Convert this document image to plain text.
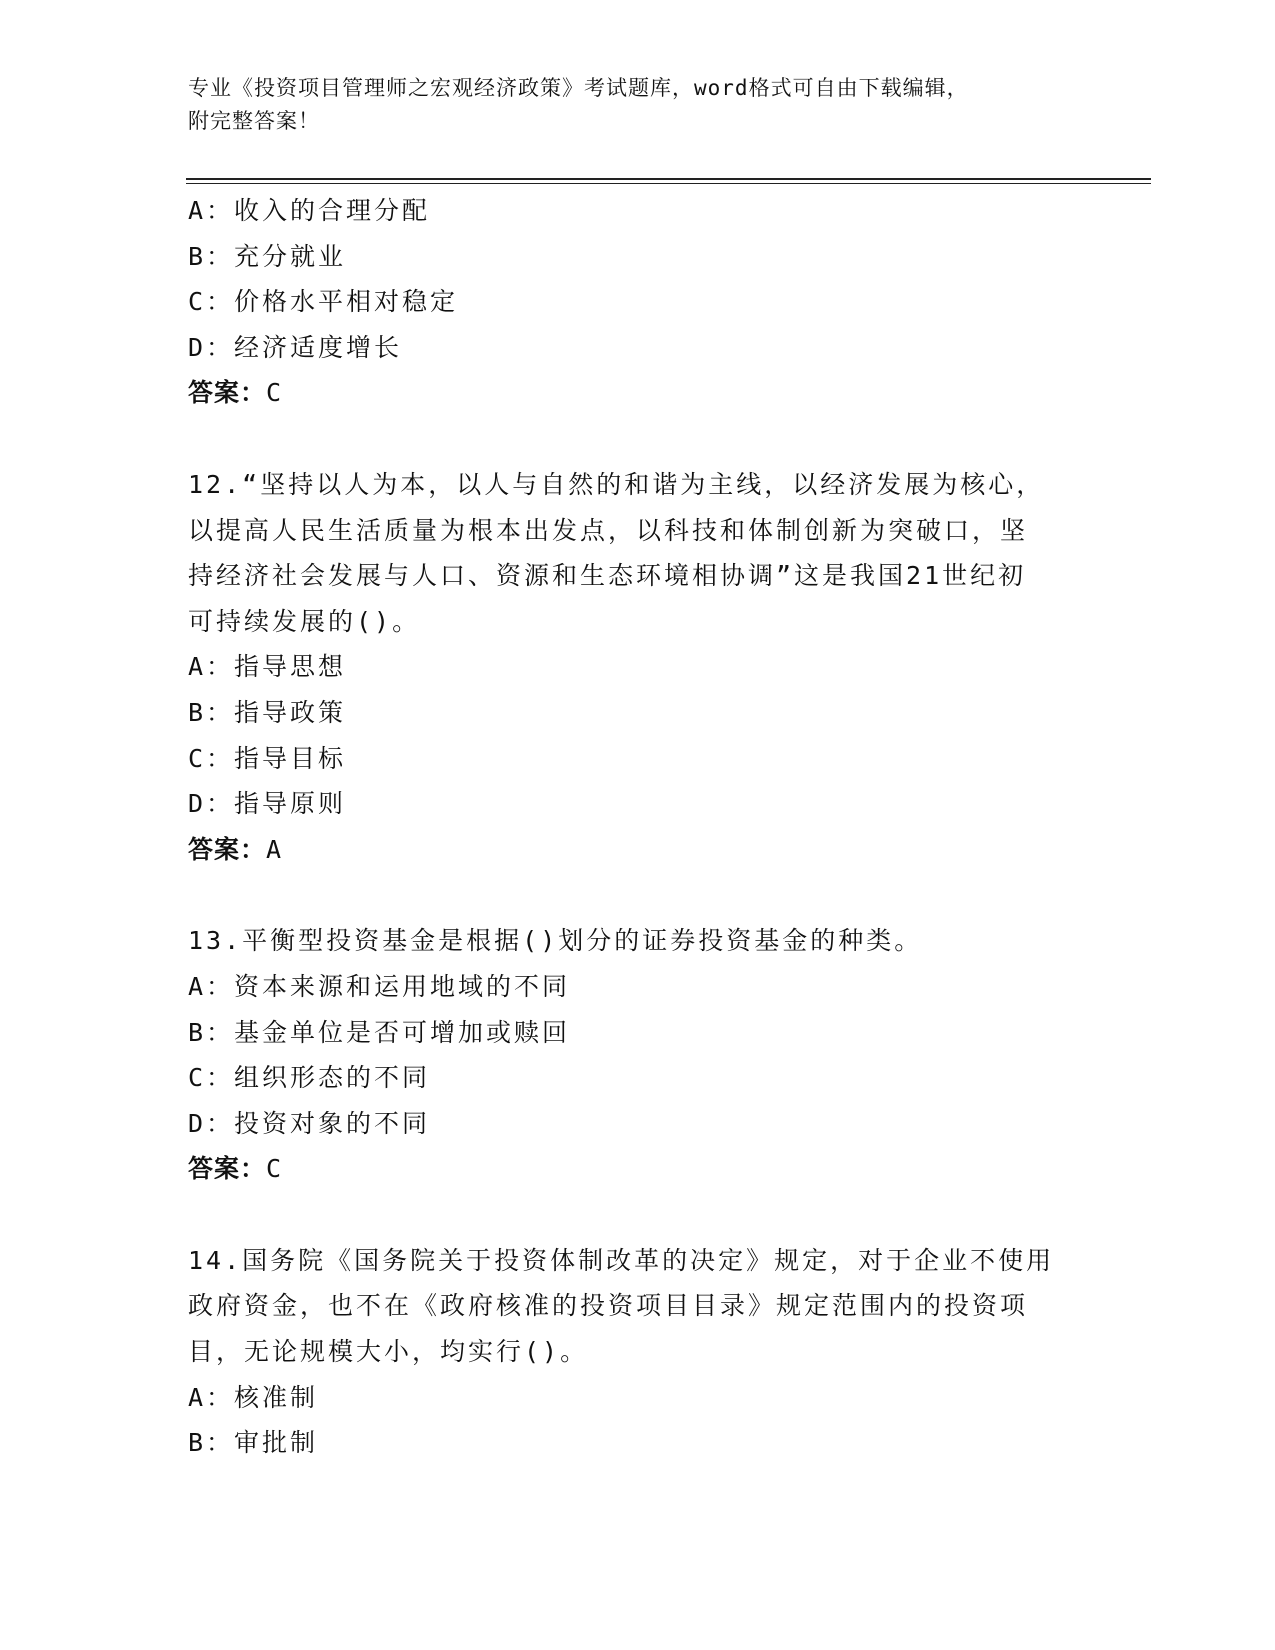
专业《投资项目管理师之宏观经济政策》考试题库，word格式可自由下载编辑，
附完整答案！
A：收入的合理分配
B：充分就业
C：价格水平相对稳定
D：经济适度增长
答案：C
12.“坚持以人为本，以人与自然的和谐为主线，以经济发展为核心，
以提高人民生活质量为根本出发点，以科技和体制创新为突破口，坚
持经济社会发展与人口、资源和生态环境相协调”这是我国21世纪初
可持续发展的()。
A：指导思想
B：指导政策
C：指导目标
D：指导原则
答案：A
13.平衡型投资基金是根据()划分的证券投资基金的种类。
A：资本来源和运用地域的不同
B：基金单位是否可增加或赎回
C：组织形态的不同
D：投资对象的不同
答案：C
14.国务院《国务院关于投资体制改革的决定》规定，对于企业不使用
政府资金，也不在《政府核准的投资项目目录》规定范围内的投资项
目，无论规模大小，均实行()。
A：核准制
B：审批制
